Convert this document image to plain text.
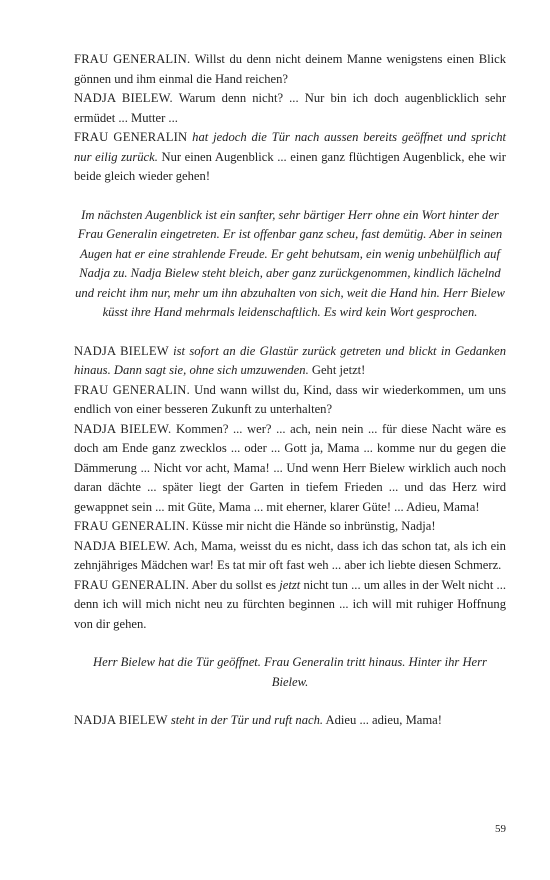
FRAU GENERALIN. Willst du denn nicht deinem Manne wenigstens einen Blick gönnen und ihm einmal die Hand reichen?

NADJA BIELEW. Warum denn nicht? ... Nur bin ich doch augenblicklich sehr ermüdet ... Mutter ...

FRAU GENERALIN hat jedoch die Tür nach aussen bereits geöffnet und spricht nur eilig zurück. Nur einen Augenblick ... einen ganz flüchtigen Augenblick, ehe wir beide gleich wieder gehen!

Im nächsten Augenblick ist ein sanfter, sehr bärtiger Herr ohne ein Wort hinter der Frau Generalin eingetreten. Er ist offenbar ganz scheu, fast demütig. Aber in seinen Augen hat er eine strahlende Freude. Er geht behutsam, ein wenig unbehülflich auf Nadja zu. Nadja Bielew steht bleich, aber ganz zurückgenommen, kindlich lächelnd und reicht ihm nur, mehr um ihn abzuhalten von sich, weit die Hand hin. Herr Bielew küsst ihre Hand mehrmals leidenschaftlich. Es wird kein Wort gesprochen.

NADJA BIELEW ist sofort an die Glastür zurück getreten und blickt in Gedanken hinaus. Dann sagt sie, ohne sich umzuwenden. Geht jetzt!

FRAU GENERALIN. Und wann willst du, Kind, dass wir wiederkommen, um uns endlich von einer besseren Zukunft zu unterhalten?

NADJA BIELEW. Kommen? ... wer? ... ach, nein nein ... für diese Nacht wäre es doch am Ende ganz zwecklos ... oder ... Gott ja, Mama ... komme nur du gegen die Dämmerung ... Nicht vor acht, Mama! ... Und wenn Herr Bielew wirklich auch noch daran dächte ... später liegt der Garten in tiefem Frieden ... und das Herz wird gewappnet sein ... mit Güte, Mama ... mit eherner, klarer Güte! ... Adieu, Mama!

FRAU GENERALIN. Küsse mir nicht die Hände so inbrünstig, Nadja!

NADJA BIELEW. Ach, Mama, weisst du es nicht, dass ich das schon tat, als ich ein zehnjähriges Mädchen war! Es tat mir oft fast weh ... aber ich liebte diesen Schmerz.

FRAU GENERALIN. Aber du sollst es jetzt nicht tun ... um alles in der Welt nicht ... denn ich will mich nicht neu zu fürchten beginnen ... ich will mit ruhiger Hoffnung von dir gehen.

Herr Bielew hat die Tür geöffnet. Frau Generalin tritt hinaus. Hinter ihr Herr Bielew.

NADJA BIELEW steht in der Tür und ruft nach. Adieu ... adieu, Mama!

59
